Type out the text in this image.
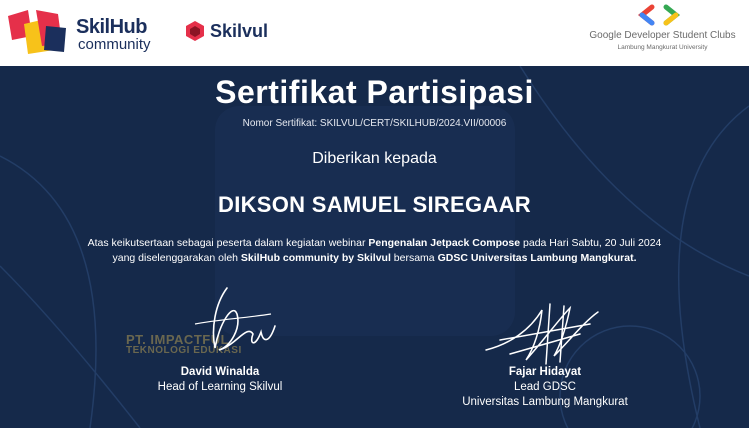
SkilHub
community
Skilvul	Google Developer Student Clubs
Lambung Mangkurat University
Sertifikat Partisipasi
Nomor Sertifikat: SKILVUL/CERT/SKILHUB/2024.VII/00006
Diberikan kepada
DIKSON SAMUEL SIREGAAR
Atas keikutsertaan sebagai peserta dalam kegiatan webinar Pengenalan Jetpack Compose pada Hari Sabtu, 20 Juli 2024
yang diselenggarakan oleh SkilHub community by Skilvul bersama GDSC Universitas Lambung Mangkurat.
PT. IMPACTFUL
TEKNOLOGI EDUKASI
David Winalda
Head of Learning Skilvul
Fajar Hidayat
Lead GDSC
Universitas Lambung Mangkurat
